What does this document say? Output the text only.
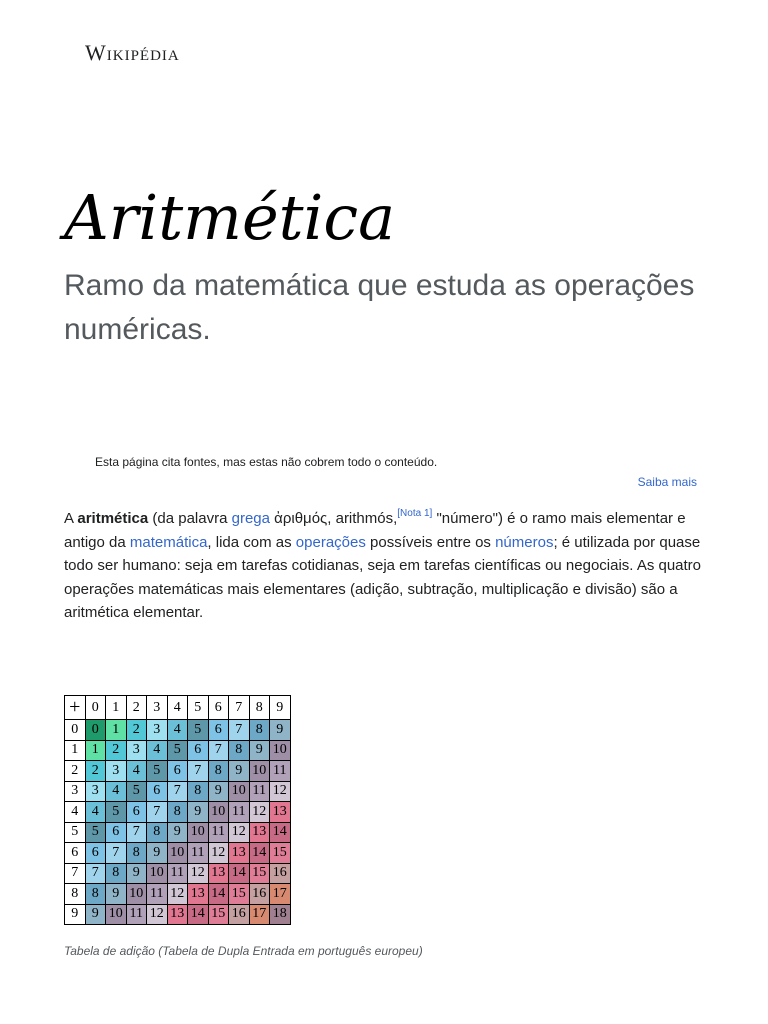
Wikipédia
Aritmética
Ramo da matemática que estuda as operações numéricas.
Esta página cita fontes, mas estas não cobrem todo o conteúdo.
Saiba mais

A aritmética (da palavra grega ἀριθμός, arithmós,[Nota 1] "número") é o ramo mais elementar e antigo da matemática, lida com as operações possíveis entre os números; é utilizada por quase todo ser humano: seja em tarefas cotidianas, seja em tarefas científicas ou negociais. As quatro operações matemáticas mais elementares (adição, subtração, multiplicação e divisão) são a aritmética elementar.

+	0	1	2	3	4	5	6	7	8	9
0	0	1	2	3	4	5	6	7	8	9
1	1	2	3	4	5	6	7	8	9	10
2	2	3	4	5	6	7	8	9	10	11
3	3	4	5	6	7	8	9	10	11	12
4	4	5	6	7	8	9	10	11	12	13
5	5	6	7	8	9	10	11	12	13	14
6	6	7	8	9	10	11	12	13	14	15
7	7	8	9	10	11	12	13	14	15	16
8	8	9	10	11	12	13	14	15	16	17
9	9	10	11	12	13	14	15	16	17	18
Tabela de adição (Tabela de Dupla Entrada em português europeu)
